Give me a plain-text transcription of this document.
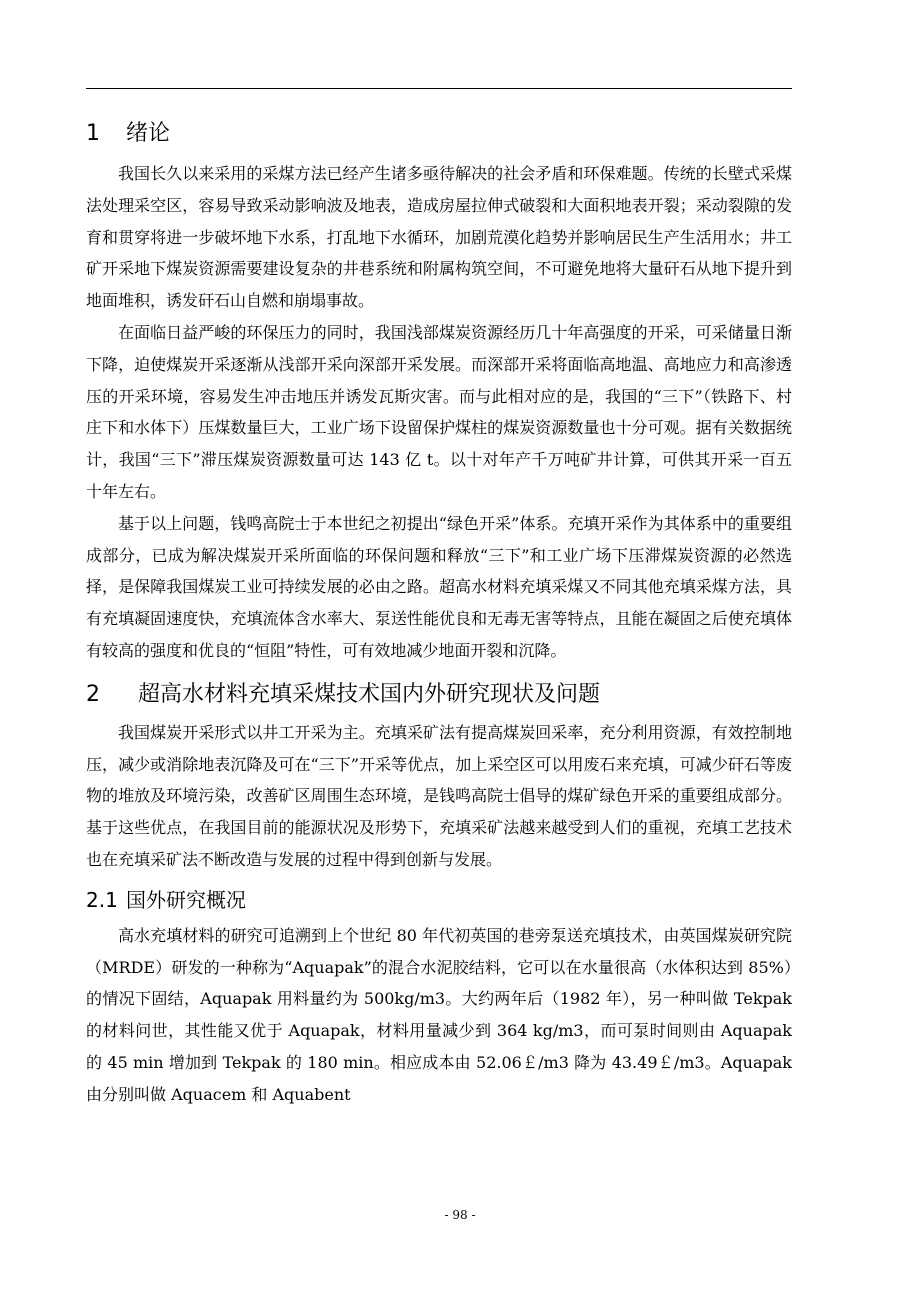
1 绪论

我国长久以来采用的采煤方法已经产生诸多亟待解决的社会矛盾和环保难题。传统的长壁式采煤法处理采空区，容易导致采动影响波及地表，造成房屋拉伸式破裂和大面积地表开裂；采动裂隙的发育和贯穿将进一步破坏地下水系，打乱地下水循环，加剧荒漠化趋势并影响居民生产生活用水；井工矿开采地下煤炭资源需要建设复杂的井巷系统和附属构筑空间，不可避免地将大量矸石从地下提升到地面堆积，诱发矸石山自燃和崩塌事故。

在面临日益严峻的环保压力的同时，我国浅部煤炭资源经历几十年高强度的开采，可采储量日渐下降，迫使煤炭开采逐渐从浅部开采向深部开采发展。而深部开采将面临高地温、高地应力和高渗透压的开采环境，容易发生冲击地压并诱发瓦斯灾害。而与此相对应的是，我国的“三下”（铁路下、村庄下和水体下）压煤数量巨大，工业广场下设留保护煤柱的煤炭资源数量也十分可观。据有关数据统计，我国“三下”滞压煤炭资源数量可达 143 亿 t。以十对年产千万吨矿井计算，可供其开采一百五十年左右。

基于以上问题，钱鸣高院士于本世纪之初提出“绿色开采”体系。充填开采作为其体系中的重要组成部分，已成为解决煤炭开采所面临的环保问题和释放“三下”和工业广场下压滞煤炭资源的必然选择，是保障我国煤炭工业可持续发展的必由之路。超高水材料充填采煤又不同其他充填采煤方法，具有充填凝固速度快，充填流体含水率大、泵送性能优良和无毒无害等特点，且能在凝固之后使充填体有较高的强度和优良的“恒阻”特性，可有效地减少地面开裂和沉降。

2 超高水材料充填采煤技术国内外研究现状及问题

我国煤炭开采形式以井工开采为主。充填采矿法有提高煤炭回采率，充分利用资源，有效控制地压，减少或消除地表沉降及可在“三下”开采等优点，加上采空区可以用废石来充填，可减少矸石等废物的堆放及环境污染，改善矿区周围生态环境，是钱鸣高院士倡导的煤矿绿色开采的重要组成部分。基于这些优点，在我国目前的能源状况及形势下，充填采矿法越来越受到人们的重视，充填工艺技术也在充填采矿法不断改造与发展的过程中得到创新与发展。

2.1 国外研究概况

高水充填材料的研究可追溯到上个世纪 80 年代初英国的巷旁泵送充填技术，由英国煤炭研究院（MRDE）研发的一种称为“Aquapak”的混合水泥胶结料，它可以在水量很高（水体积达到 85%）的情况下固结，Aquapak 用料量约为 500kg/m3。大约两年后（1982 年），另一种叫做 Tekpak 的材料问世，其性能又优于 Aquapak，材料用量减少到 364 kg/m3，而可泵时间则由 Aquapak 的 45 min 增加到 Tekpak 的 180 min。相应成本由 52.06￡/m3 降为 43.49￡/m3。Aquapak 由分别叫做 Aquacem 和 Aquabent

- 98 -
